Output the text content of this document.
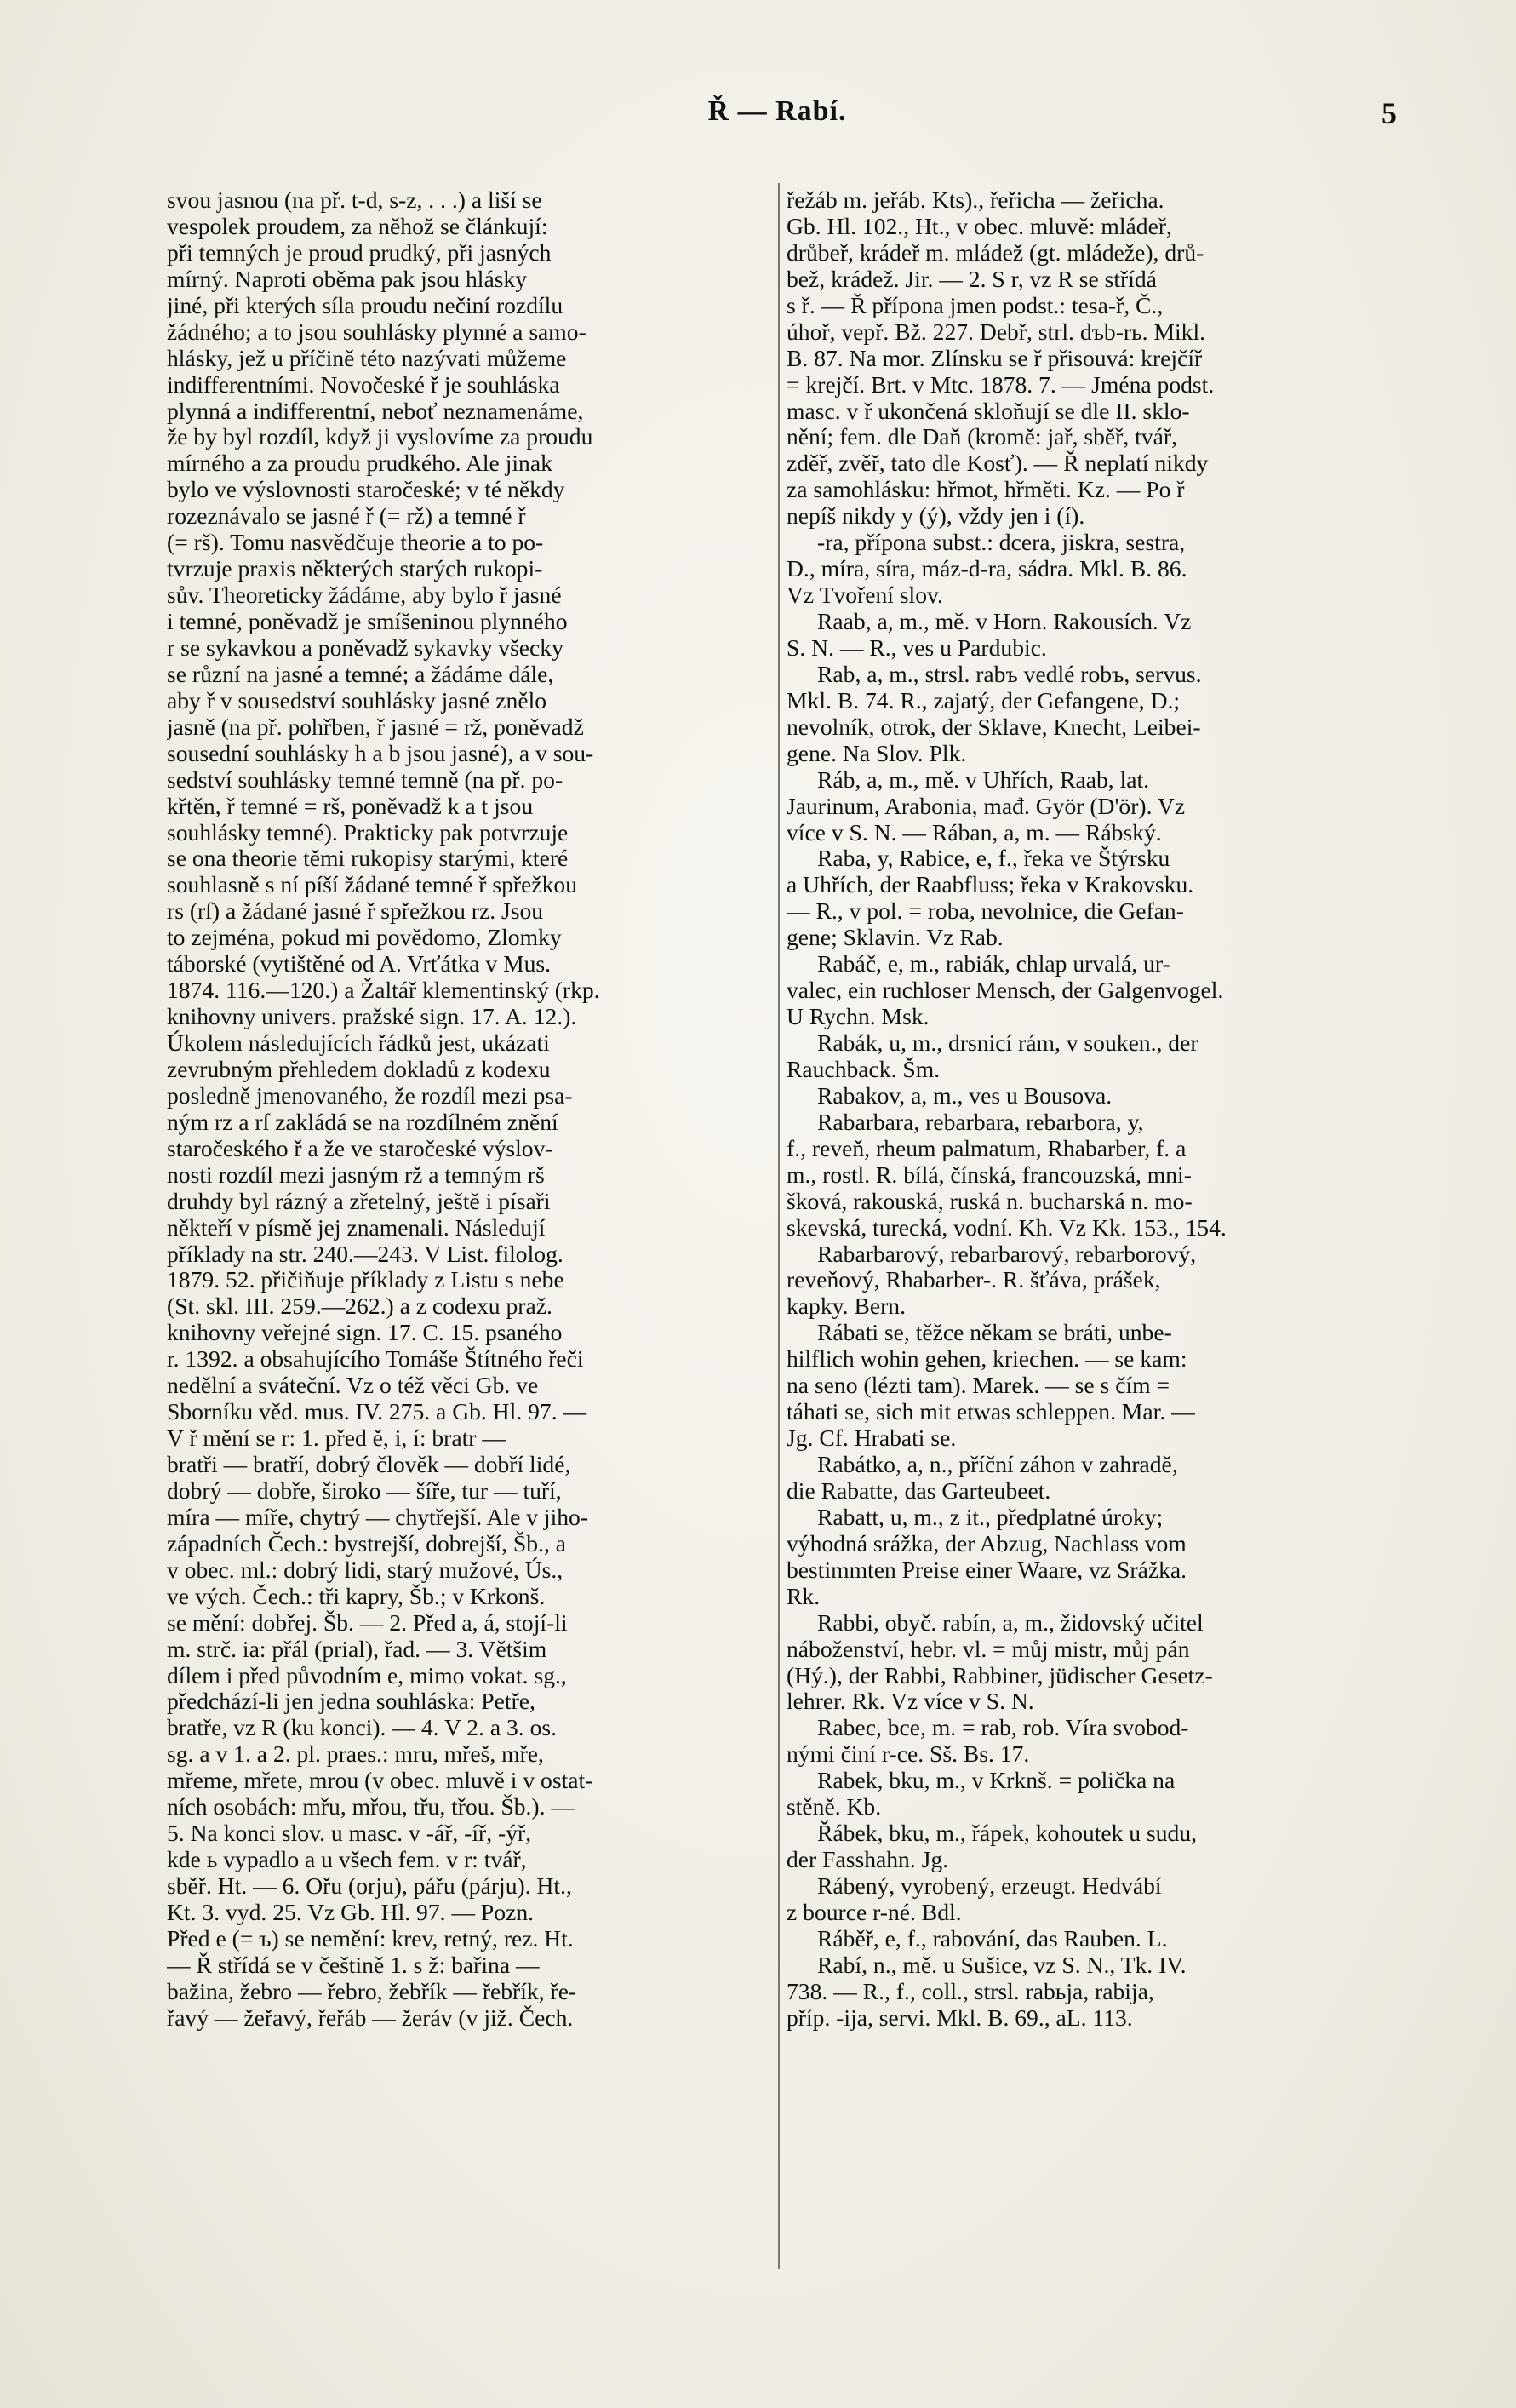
Ř — Rabí.	5
svou jasnou (na př. t-d, s-z, . . .) a liší se
vespolek proudem, za něhož se článkují:
při temných je proud prudký, při jasných
mírný. Naproti oběma pak jsou hlásky
jiné, při kterých síla proudu nečiní rozdílu
žádného; a to jsou souhlásky plynné a samo-
hlásky, jež u příčině této nazývati můžeme
indifferentními. Novočeské ř je souhláska
plynná a indifferentní, neboť neznamenáme,
že by byl rozdíl, když ji vyslovíme za proudu
mírného a za proudu prudkého. Ale jinak
bylo ve výslovnosti staročeské; v té někdy
rozeznávalo se jasné ř (= rž) a temné ř
(= rš). Tomu nasvědčuje theorie a to po-
tvrzuje praxis některých starých rukopi-
sův. Theoreticky žádáme, aby bylo ř jasné
i temné, poněvadž je smíšeninou plynného
r se sykavkou a poněvadž sykavky všecky
se různí na jasné a temné; a žádáme dále,
aby ř v sousedství souhlásky jasné znělo
jasně (na př. pohřben, ř jasné = rž, poněvadž
sousední souhlásky h a b jsou jasné), a v sou-
sedství souhlásky temné temně (na př. po-
křtěn, ř temné = rš, poněvadž k a t jsou
souhlásky temné). Prakticky pak potvrzuje
se ona theorie těmi rukopisy starými, které
souhlasně s ní píší žádané temné ř spřežkou
rs (rſ) a žádané jasné ř spřežkou rz. Jsou
to zejména, pokud mi povědomo, Zlomky
táborské (vytištěné od A. Vrťátka v Mus.
1874. 116.—120.) a Žaltář klementinský (rkp.
knihovny univers. pražské sign. 17. A. 12.).
Úkolem následujících řádků jest, ukázati
zevrubným přehledem dokladů z kodexu
posledně jmenovaného, že rozdíl mezi psa-
ným rz a rſ zakládá se na rozdílném znění
staročeského ř a že ve staročeské výslov-
nosti rozdíl mezi jasným rž a temným rš
druhdy byl rázný a zřetelný, ještě i písaři
někteří v písmě jej znamenali. Následují
příklady na str. 240.—243. V List. filolog.
1879. 52. přičiňuje příklady z Listu s nebe
(St. skl. III. 259.—262.) a z codexu praž.
knihovny veřejné sign. 17. C. 15. psaného
r. 1392. a obsahujícího Tomáše Štítného řeči
nedělní a sváteční. Vz o též věci Gb. ve
Sborníku věd. mus. IV. 275. a Gb. Hl. 97. —
V ř mění se r: 1. před ě, i, í: bratr —
bratři — bratří, dobrý člověk — dobří lidé,
dobrý — dobře, široko — šíře, tur — tuří,
míra — míře, chytrý — chytřejší. Ale v jiho-
západních Čech.: bystrejší, dobrejší, Šb., a
v obec. ml.: dobrý lidi, starý mužové, Ús.,
ve vých. Čech.: tři kapry, Šb.; v Krkonš.
se mění: dobřej. Šb. — 2. Před a, á, stojí-li
m. strč. ia: přál (prial), řad. — 3. Většim
dílem i před původním e, mimo vokat. sg.,
předchází-li jen jedna souhláska: Petře,
bratře, vz R (ku konci). — 4. V 2. a 3. os.
sg. a v 1. a 2. pl. praes.: mru, mřeš, mře,
mřeme, mřete, mrou (v obec. mluvě i v ostat-
ních osobách: mřu, mřou, třu, třou. Šb.). —
5. Na konci slov. u masc. v -ář, -íř, -ýř,
kde ь vypadlo a u všech fem. v r: tvář,
sběř. Ht. — 6. Ořu (orju), pářu (párju). Ht.,
Kt. 3. vyd. 25. Vz Gb. Hl. 97. — Pozn.
Před e (= ъ) se nemění: krev, retný, rez. Ht.
— Ř střídá se v češtině 1. s ž: bařina —
bažina, žebro — řebro, žebřík — řebřík, ře-
řavý — žeřavý, řeřáb — žeráv (v již. Čech.
řežáb m. jeřáb. Kts)., řeřicha — žeřicha.
Gb. Hl. 102., Ht., v obec. mluvě: mládeř,
drůbeř, krádeř m. mládež (gt. mládeže), drů-
bež, krádež. Jir. — 2. S r, vz R se střídá
s ř. — Ř přípona jmen podst.: tesa-ř, Č.,
úhoř, vepř. Bž. 227. Debř, strl. dъb-rь. Mikl.
B. 87. Na mor. Zlínsku se ř přisouvá: krejčíř
= krejčí. Brt. v Mtc. 1878. 7. — Jména podst.
masc. v ř ukončená skloňují se dle II. sklo-
nění; fem. dle Daň (kromě: jař, sběř, tvář,
zděř, zvěř, tato dle Kosť). — Ř neplatí nikdy
za samohlásku: hřmot, hřměti. Kz. — Po ř
nepíš nikdy y (ý), vždy jen i (í).
-ra, přípona subst.: dcera, jiskra, sestra,
D., míra, síra, máz-d-ra, sádra. Mkl. B. 86.
Vz Tvoření slov.
Raab, a, m., mě. v Horn. Rakousích. Vz
S. N. — R., ves u Pardubic.
Rab, a, m., strsl. rabъ vedlé robъ, servus.
Mkl. B. 74. R., zajatý, der Gefangene, D.;
nevolník, otrok, der Sklave, Knecht, Leibei-
gene. Na Slov. Plk.
Ráb, a, m., mě. v Uhřích, Raab, lat.
Jaurinum, Arabonia, mađ. Györ (D'ör). Vz
více v S. N. — Rában, a, m. — Rábský.
Raba, y, Rabice, e, f., řeka ve Štýrsku
a Uhřích, der Raabfluss; řeka v Krakovsku.
— R., v pol. = roba, nevolnice, die Gefan-
gene; Sklavin. Vz Rab.
Rabáč, e, m., rabiák, chlap urvalá, ur-
valec, ein ruchloser Mensch, der Galgenvogel.
U Rychn. Msk.
Rabák, u, m., drsnicí rám, v souken., der
Rauchback. Šm.
Rabakov, a, m., ves u Bousova.
Rabarbara, rebarbara, rebarbora, y,
f., reveň, rheum palmatum, Rhabarber, f. a
m., rostl. R. bílá, čínská, francouzská, mni-
šková, rakouská, ruská n. bucharská n. mo-
skevská, turecká, vodní. Kh. Vz Kk. 153., 154.
Rabarbarový, rebarbarový, rebarborový,
reveňový, Rhabarber-. R. šťáva, prášek,
kapky. Bern.
Rábati se, těžce někam se bráti, unbe-
hilflich wohin gehen, kriechen. — se kam:
na seno (lézti tam). Marek. — se s čím =
táhati se, sich mit etwas schleppen. Mar. —
Jg. Cf. Hrabati se.
Rabátko, a, n., příční záhon v zahradě,
die Rabatte, das Garteubeet.
Rabatt, u, m., z it., předplatné úroky;
výhodná srážka, der Abzug, Nachlass vom
bestimmten Preise einer Waare, vz Srážka.
Rk.
Rabbi, obyč. rabín, a, m., židovský učitel
náboženství, hebr. vl. = můj mistr, můj pán
(Hý.), der Rabbi, Rabbiner, jüdischer Gesetz-
lehrer. Rk. Vz více v S. N.
Rabec, bce, m. = rab, rob. Víra svobod-
nými činí r-ce. Sš. Bs. 17.
Rabek, bku, m., v Krknš. = polička na
stěně. Kb.
Řábek, bku, m., řápek, kohoutek u sudu,
der Fasshahn. Jg.
Rábený, vyrobený, erzeugt. Hedvábí
z bource r-né. Bdl.
Ráběř, e, f., rabování, das Rauben. L.
Rabí, n., mě. u Sušice, vz S. N., Tk. IV.
738. — R., f., coll., strsl. rabьja, rabija,
příp. -ija, servi. Mkl. B. 69., aL. 113.
